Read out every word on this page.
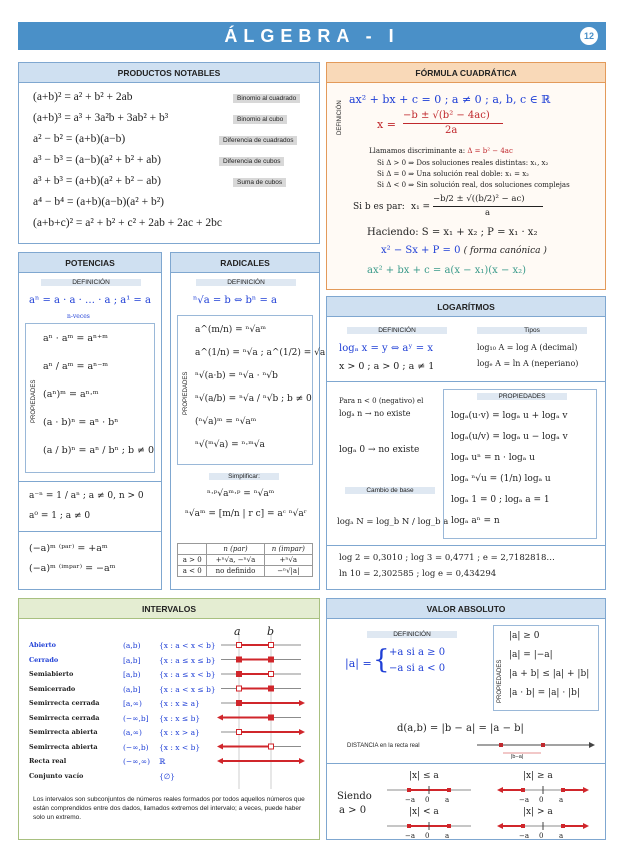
ÁLGEBRA - I	12
PRODUCTOS NOTABLES
(a+b)² = a² + b² + 2ab	Binomio al cuadrado
(a+b)³ = a³ + 3a²b + 3ab² + b³	Binomio al cubo
a² − b² = (a+b)(a−b)	Diferencia de cuadrados
a³ − b³ = (a−b)(a² + b² + ab)	Diferencia de cubos
a³ + b³ = (a+b)(a² + b² − ab)	Suma de cubos
a⁴ − b⁴ = (a+b)(a−b)(a² + b²)
(a+b+c)² = a² + b² + c² + 2ab + 2ac + 2bc
FÓRMULA CUADRÁTICA
DEFINICIÓN
ax² + bx + c = 0 ; a ≠ 0 ; a, b, c ∈ ℝ
x =
−b ± √(b² − 4ac)
2a
Llamamos discriminante a: Δ = b² − 4ac
Si Δ > 0 ⇒ Dos soluciones reales distintas: x₁, x₂
Si Δ = 0 ⇒ Una solución real doble: x₁ = x₂
Si Δ < 0 ⇒ Sin solución real, dos soluciones complejas
Si b es par: x₁ =
−b/2 ± √((b/2)² − ac)
a
Haciendo: S = x₁ + x₂ ; P = x₁ · x₂
x² − Sx + P = 0 ( forma canónica )
ax² + bx + c = a(x − x₁)(x − x₂)
POTENCIAS
DEFINICIÓN
aⁿ = a · a · … · a ; a¹ = a
n-veces
PROPIEDADES
aⁿ · aᵐ = aⁿ⁺ᵐ
aⁿ / aᵐ = aⁿ⁻ᵐ
(aⁿ)ᵐ = aⁿ·ᵐ
(a · b)ⁿ = aⁿ · bⁿ
(a / b)ⁿ = aⁿ / bⁿ ; b ≠ 0
a⁻ⁿ = 1 / aⁿ ; a ≠ 0, n > 0
a⁰ = 1 ; a ≠ 0
(−a)ᵐ ⁽ᵖᵃʳ⁾ = +aᵐ
(−a)ᵐ ⁽ⁱᵐᵖᵃʳ⁾ = −aᵐ
RADICALES
DEFINICIÓN
ⁿ√a = b ⇔ bⁿ = a
PROPIEDADES
a^(m/n) = ⁿ√aᵐ
a^(1/n) = ⁿ√a ; a^(1/2) = √a
ⁿ√(a·b) = ⁿ√a · ⁿ√b
ⁿ√(a/b) = ⁿ√a / ⁿ√b ; b ≠ 0
(ⁿ√a)ᵐ = ⁿ√aᵐ
ⁿ√(ᵐ√a) = ⁿ·ᵐ√a
Simplificar:
ⁿ·ᵖ√aᵐ·ᵖ = ⁿ√aᵐ
ⁿ√aᵐ = [m/n | r c] = aᶜ ⁿ√aʳ
	n (par)	n (impar)
a > 0	+ⁿ√a, −ⁿ√a	+ⁿ√a
a < 0	no definido	−ⁿ√|a|
LOGARÍTMOS
DEFINICIÓN
logₐ x = y ⇔ aʸ = x
x > 0 ; a > 0 ; a ≠ 1
Tipos
log₁₀ A = log A (decimal)
logₑ A = ln A (neperiano)
Para n < 0 (negativo) el
logₐ n → no existe
logₐ 0 → no existe
Cambio de base
logₐ N = log_b N / log_b a
PROPIEDADES
logₐ(u·v) = logₐ u + logₐ v
logₐ(u/v) = logₐ u − logₐ v
logₐ uⁿ = n · logₐ u
logₐ ⁿ√u = (1/n) logₐ u
logₐ 1 = 0 ; logₐ a = 1
logₐ aⁿ = n
log 2 = 0,3010 ; log 3 = 0,4771 ; e = 2,7182818…
ln 10 = 2,302585 ; log e = 0,434294
INTERVALOS
a b
Abierto	(a,b) {x : a < x < b}
Cerrado	[a,b] {x : a ≤ x ≤ b}
Semiabierto	[a,b) {x : a ≤ x < b}
Semicerrado	(a,b] {x : a < x ≤ b}
Semirrecta cerrada	[a,∞) {x : x ≥ a}
Semirrecta cerrada	(−∞,b] {x : x ≤ b}
Semirrecta abierta	(a,∞) {x : x > a}
Semirrecta abierta	(−∞,b) {x : x < b}
Recta real	(−∞,∞) ℝ
Conjunto vacío	{∅}
Los intervalos son subconjuntos de números reales formados por todos aquellos números que están comprendidos entre dos dados, llamados extremos del intervalo; a veces, puede haber solo un extremo.
VALOR ABSOLUTO
DEFINICIÓN
|a| = { +a si a ≥ 0
−a si a < 0	PROPIEDADES
|a| ≥ 0
|a| = |−a|
|a + b| ≤ |a| + |b|
|a · b| = |a| · |b|
d(a,b) = |b − a| = |a − b|
DISTANCIA en la recta real
|b−a|
Siendo
a > 0
|x| ≤ a
−a 0 a
|x| ≥ a
−a 0 a
|x| < a
−a 0 a
|x| > a
−a 0 a
